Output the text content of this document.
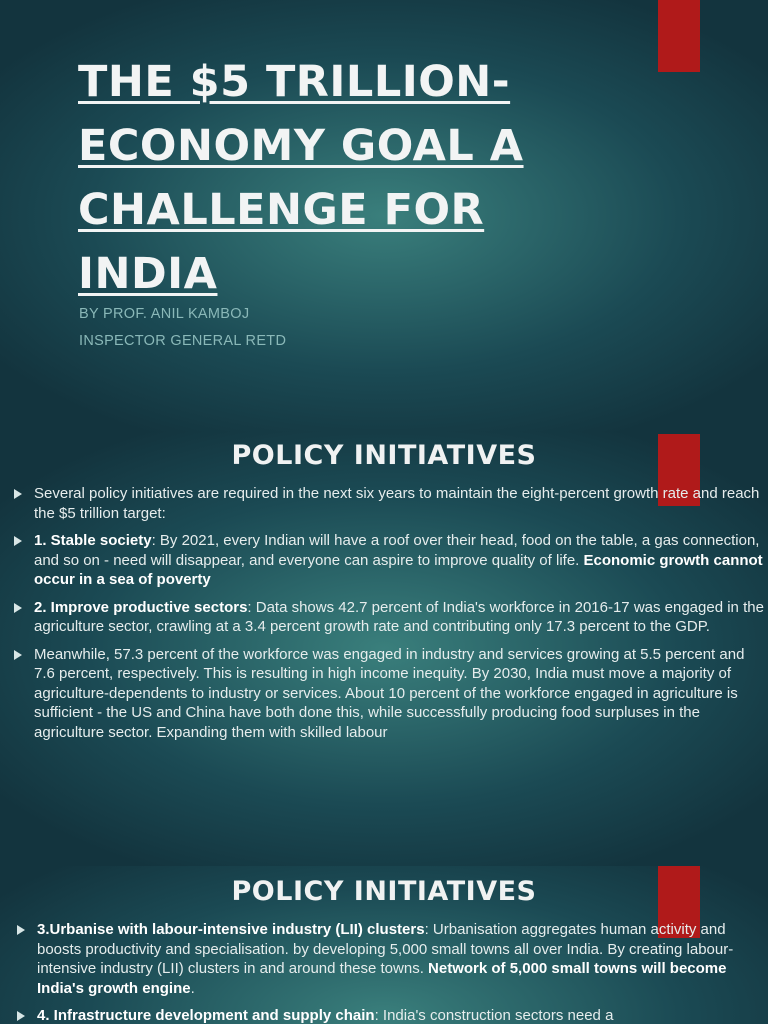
THE $5 TRILLION-ECONOMY GOAL A CHALLENGE FOR INDIA
BY PROF. ANIL KAMBOJ
INSPECTOR GENERAL RETD
POLICY INITIATIVES
Several policy initiatives are required in the next six years to maintain the eight-percent growth rate and reach the $5 trillion target:
1. Stable society: By 2021, every Indian will have a roof over their head, food on the table, a gas connection, and so on - need will disappear, and everyone can aspire to improve quality of life. Economic growth cannot occur in a sea of poverty
2. Improve productive sectors: Data shows 42.7 percent of India's workforce in 2016-17 was engaged in the agriculture sector, crawling at a 3.4 percent growth rate and contributing only 17.3 percent to the GDP.
Meanwhile, 57.3 percent of the workforce was engaged in industry and services growing at 5.5 percent and 7.6 percent, respectively. This is resulting in high income inequity. By 2030, India must move a majority of agriculture-dependents to industry or services. About 10 percent of the workforce engaged in agriculture is sufficient - the US and China have both done this, while successfully producing food surpluses in the agriculture sector. Expanding them with skilled labour
POLICY INITIATIVES
3.Urbanise with labour-intensive industry (LII) clusters: Urbanisation aggregates human activity and boosts productivity and specialisation. by developing 5,000 small towns all over India. By creating labour-intensive industry (LII) clusters in and around these towns. Network of 5,000 small towns will become India's growth engine.
4. Infrastructure development and supply chain: India's construction sectors need a
